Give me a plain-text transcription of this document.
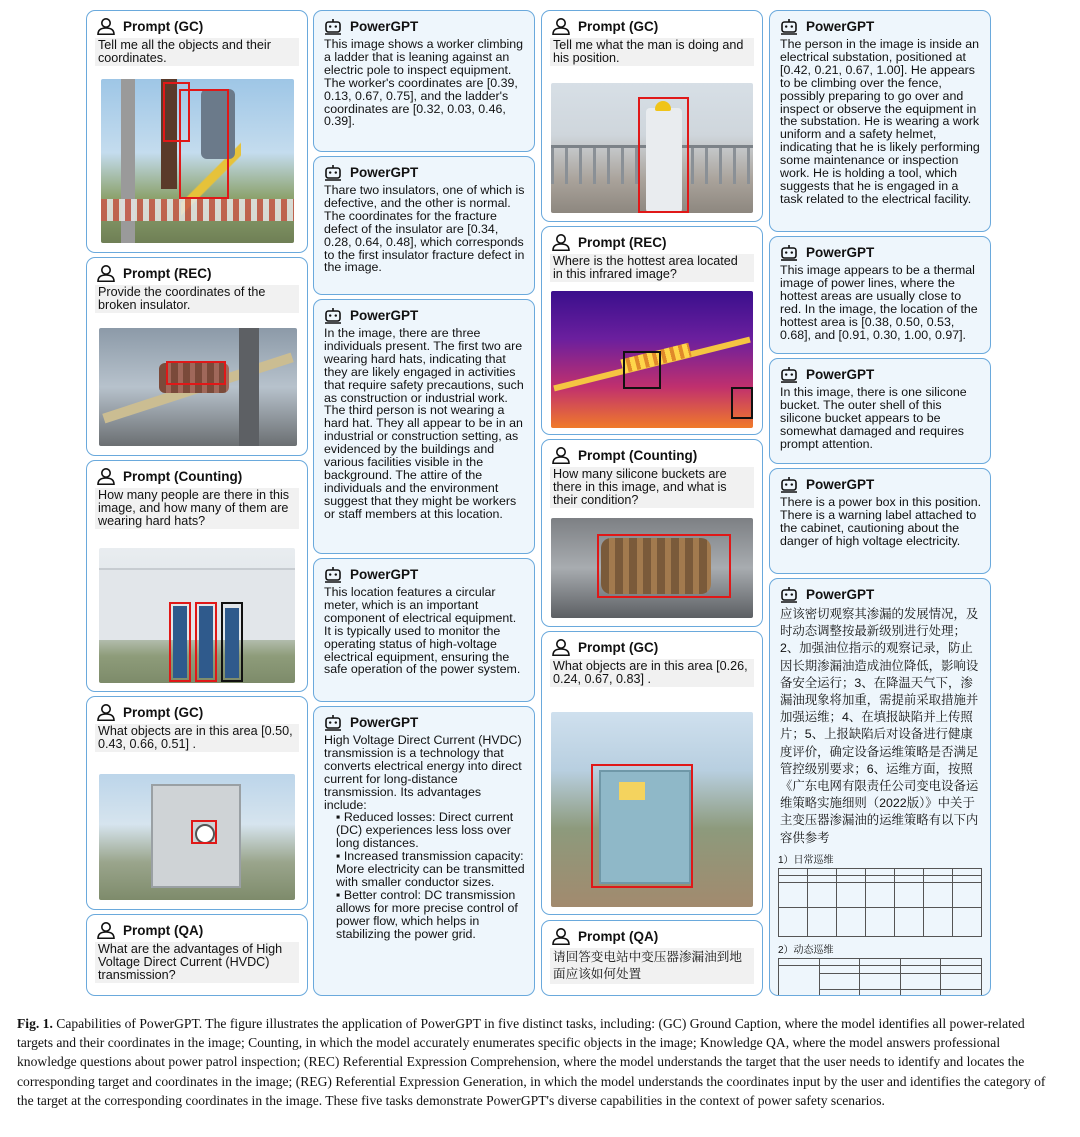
Prompt (GC)
Tell me all the objects and their coordinates.
Prompt (REC)
Provide the coordinates of the broken insulator.
Prompt (Counting)
How many people are there in this image, and how many of them are wearing hard hats?
Prompt (GC)
What objects are in this area [0.50, 0.43, 0.66, 0.51] .
Prompt (QA)
What are the advantages of High Voltage Direct Current (HVDC) transmission?
PowerGPT
This image shows a worker climbing a ladder that is leaning against an electric pole to inspect equipment. The worker's coordinates are [0.39, 0.13, 0.67, 0.75], and the ladder's coordinates are [0.32, 0.03, 0.46, 0.39].
PowerGPT
Thare two insulators, one of which is defective, and the other is normal. The coordinates for the fracture defect of the insulator are [0.34, 0.28, 0.64, 0.48], which corresponds to the first insulator fracture defect in the image.
PowerGPT
In the image, there are three individuals present. The first two are wearing hard hats, indicating that they are likely engaged in activities that require safety precautions, such as construction or industrial work. The third person is not wearing a hard hat. They all appear to be in an industrial or construction setting, as evidenced by the buildings and various facilities visible in the background. The attire of the individuals and the environment suggest that they might be workers or staff members at this location.
PowerGPT
This location features a circular meter, which is an important component of electrical equipment. It is typically used to monitor the operating status of high-voltage electrical equipment, ensuring the safe operation of the power system.
PowerGPT
High Voltage Direct Current (HVDC) transmission is a technology that converts electrical energy into direct current for long-distance transmission. Its advantages include:
▪ Reduced losses: Direct current (DC) experiences less loss over long distances.
▪ Increased transmission capacity: More electricity can be transmitted with smaller conductor sizes.
▪ Better control: DC transmission allows for more precise control of power flow, which helps in stabilizing the power grid.
Prompt (GC)
Tell me what the man is doing and his position.
Prompt (REC)
Where is the hottest area located in this infrared image?
Prompt (Counting)
How many silicone buckets are there in this image, and what is their condition?
Prompt (GC)
What objects are in this area [0.26, 0.24, 0.67, 0.83] .
Prompt (QA)
请回答变电站中变压器渗漏油到地面应该如何处置
PowerGPT
The person in the image is inside an electrical substation, positioned at [0.42, 0.21, 0.67, 1.00]. He appears to be climbing over the fence, possibly preparing to go over and inspect or observe the equipment in the substation. He is wearing a work uniform and a safety helmet, indicating that he is likely performing some maintenance or inspection work. He is holding a tool, which suggests that he is engaged in a task related to the electrical facility.
PowerGPT
This image appears to be a thermal image of power lines, where the hottest areas are usually close to red. In the image, the location of the hottest area is [0.38, 0.50, 0.53, 0.68], and [0.91, 0.30, 1.00, 0.97].
PowerGPT
In this image, there is one silicone bucket. The outer shell of this silicone bucket appears to be somewhat damaged and requires prompt attention.
PowerGPT
There is a power box in this position. There is a warning label attached to the cabinet, cautioning about the danger of high voltage electricity.
PowerGPT
应该密切观察其渗漏的发展情况，及时动态调整按最新级别进行处理；2、加强油位指示的观察记录，防止因长期渗漏油造成油位降低，影响设备安全运行；3、在降温天气下，渗漏油现象将加重，需提前采取措施并加强运维；4、在填报缺陷并上传照片；5、上报缺陷后对设备进行健康度评价，确定设备运维策略是否满足管控级别要求；6、运维方面，按照《广东电网有限责任公司变电设备运维策略实施细则（2022版）》中关于主变压器渗漏油的运维策略有以下内容供参考
1）日常巡维

2）动态巡维

Fig. 1. Capabilities of PowerGPT. The figure illustrates the application of PowerGPT in five distinct tasks, including: (GC) Ground Caption, where the model identifies all power-related targets and their coordinates in the image; Counting, in which the model accurately enumerates specific objects in the image; Knowledge QA, where the model answers professional knowledge questions about power patrol inspection; (REC) Referential Expression Comprehension, where the model understands the target that the user needs to identify and locates the corresponding target and coordinates in the image; (REG) Referential Expression Generation, in which the model understands the coordinates input by the user and identifies the category of the target at the corresponding coordinates in the image. These five tasks demonstrate PowerGPT's diverse capabilities in the context of power safety scenarios.
